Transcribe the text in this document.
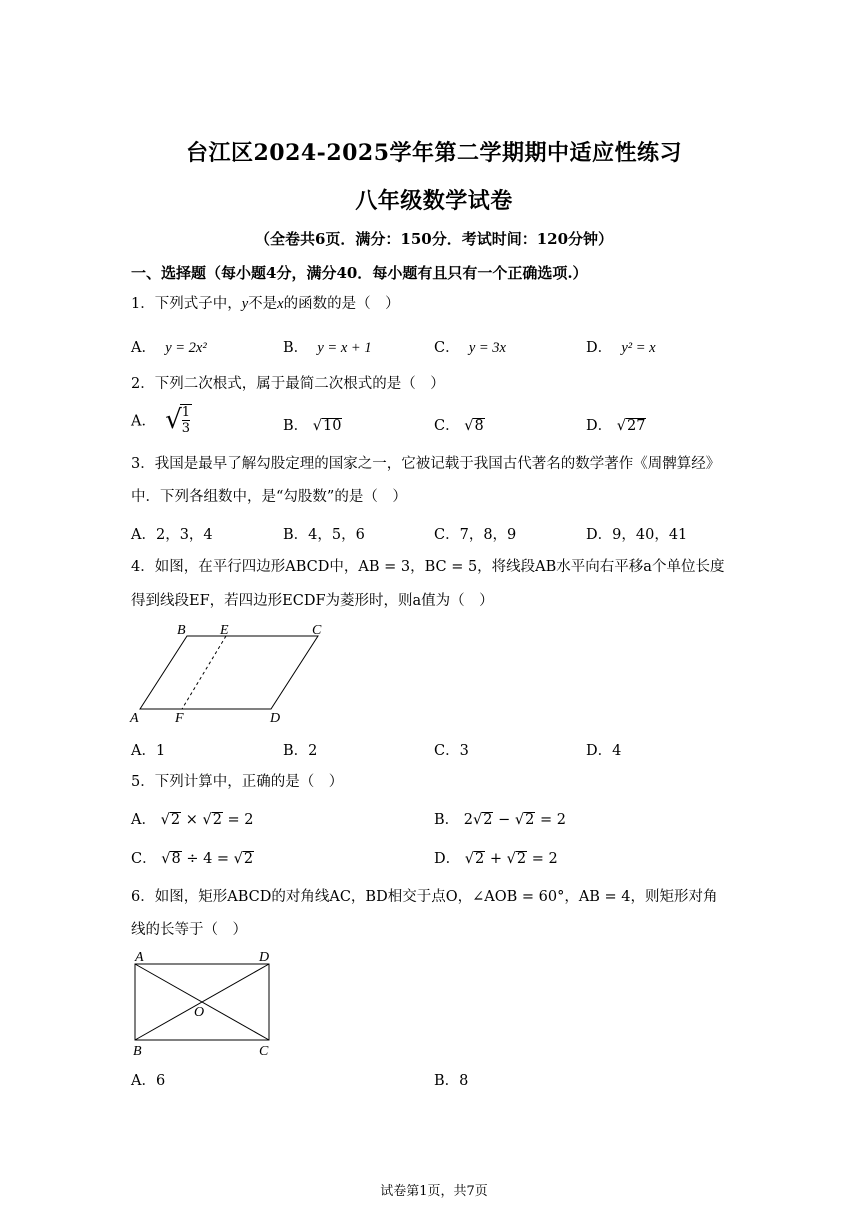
台江区2024-2025学年第二学期期中适应性练习
八年级数学试卷
（全卷共6页．满分：150分．考试时间：120分钟）
一、选择题（每小题4分，满分40．每小题有且只有一个正确选项.）
1．下列式子中，y不是x的函数的是（　）
A． y = 2x²	B． y = x + 1	C． y = 3x	D． y² = x
2．下列二次根式，属于最简二次根式的是（　）
A． √
$\frac{1}{3}$	B． √10	C． √8	D． √27
3．我国是最早了解勾股定理的国家之一，它被记载于我国古代著名的数学著作《周髀算经》
中．下列各组数中，是“勾股数”的是（　）
A．2，3，4	B．4，5，6	C．7，8，9	D．9，40，41
4．如图，在平行四边形ABCD中，AB = 3，BC = 5，将线段AB水平向右平移a个单位长度
得到线段EF，若四边形ECDF为菱形时，则a值为（　）
B E	C
A	F	D
A．1	B．2	C．3	D．4
5．下列计算中，正确的是（　）
A． √2 × √2 = 2	B． 2√2 − √2 = 2
C． √8 ÷ 4 = √2	D． √2 + √2 = 2
6．如图，矩形ABCD的对角线AC，BD相交于点O，∠AOB = 60°，AB = 4，则矩形对角
线的长等于（　）
A	D
B	C
O
A．6	B．8
试卷第1页，共7页
